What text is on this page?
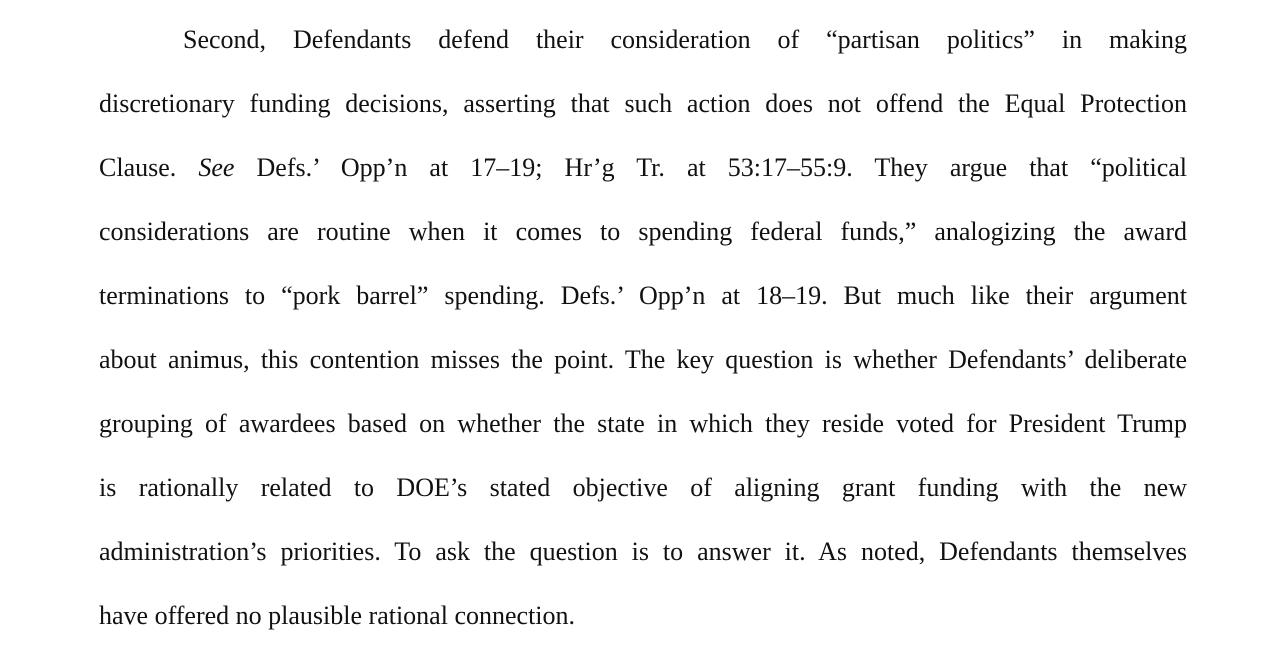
Second, Defendants defend their consideration of “partisan politics” in making
discretionary funding decisions, asserting that such action does not offend the Equal Protection
Clause. See Defs.’ Opp’n at 17–19; Hr’g Tr. at 53:17–55:9. They argue that “political
considerations are routine when it comes to spending federal funds,” analogizing the award
terminations to “pork barrel” spending. Defs.’ Opp’n at 18–19. But much like their argument
about animus, this contention misses the point. The key question is whether Defendants’ deliberate
grouping of awardees based on whether the state in which they reside voted for President Trump
is rationally related to DOE’s stated objective of aligning grant funding with the new
administration’s priorities. To ask the question is to answer it. As noted, Defendants themselves
have offered no plausible rational connection.
